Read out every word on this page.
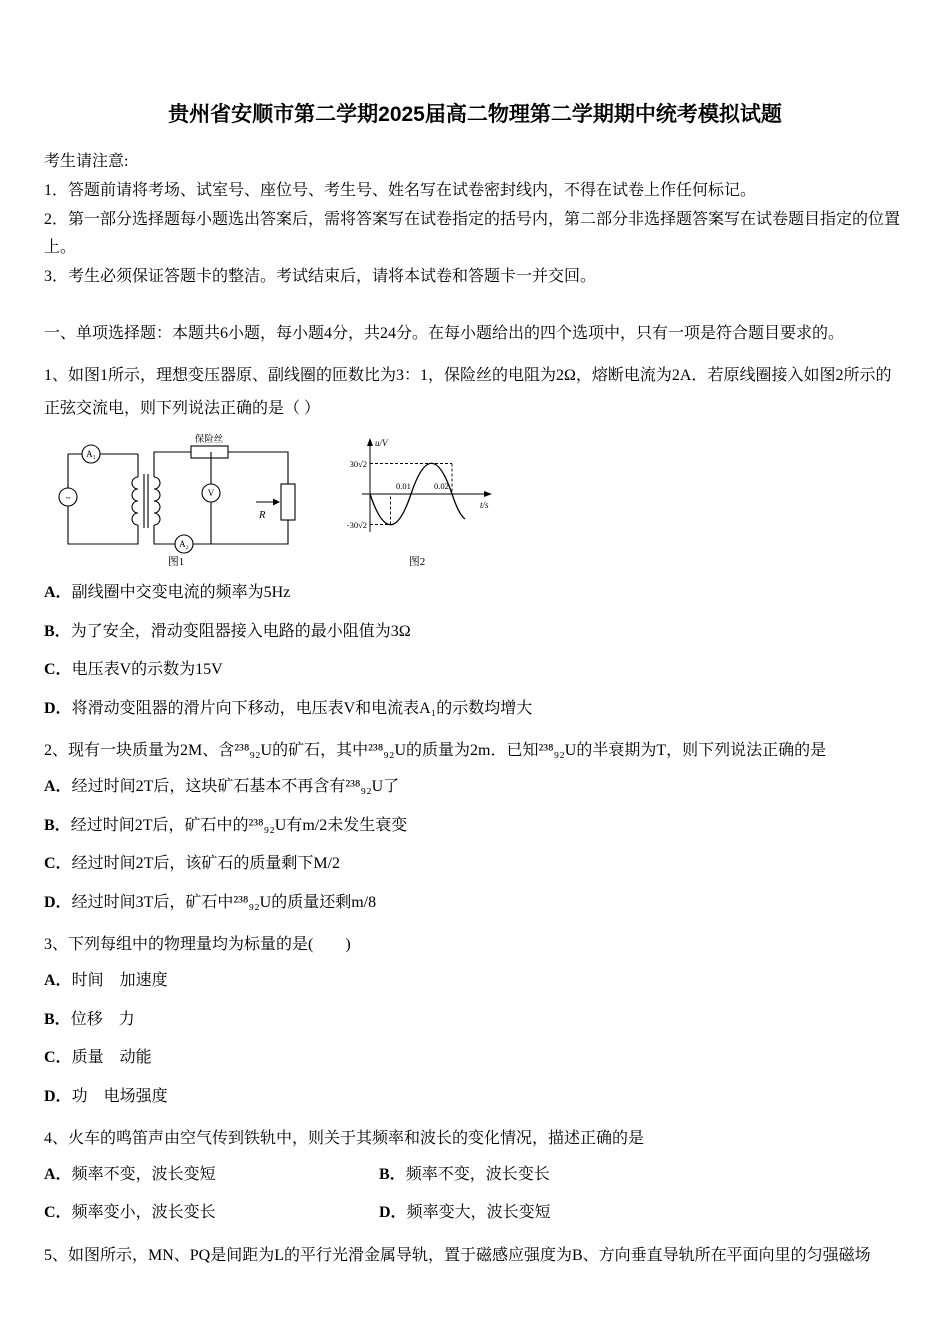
贵州省安顺市第二学期2025届高二物理第二学期期中统考模拟试题

考生请注意:

1．答题前请将考场、试室号、座位号、考生号、姓名写在试卷密封线内，不得在试卷上作任何标记。

2．第一部分选择题每小题选出答案后，需将答案写在试卷指定的括号内，第二部分非选择题答案写在试卷题目指定的位置上。

3．考生必须保证答题卡的整洁。考试结束后，请将本试卷和答题卡一并交回。

一、单项选择题：本题共6小题，每小题4分，共24分。在每小题给出的四个选项中，只有一项是符合题目要求的。

1、如图1所示，理想变压器原、副线圈的匝数比为3：1，保险丝的电阻为2Ω，熔断电流为2A．若原线圈接入如图2所示的正弦交流电，则下列说法正确的是（ ）

保险丝
A₁
~	V
A₂
R
图1
u/V
t/s
30√2
-30√2
0.01	0.02
图2
A．副线圈中交变电流的频率为5Hz
B．为了安全，滑动变阻器接入电路的最小阻值为3Ω
C．电压表V的示数为15V
D．将滑动变阻器的滑片向下移动，电压表V和电流表A₁的示数均增大

2、现有一块质量为2M、含²³⁸₉₂U的矿石，其中²³⁸₉₂U的质量为2m．已知²³⁸₉₂U的半衰期为T，则下列说法正确的是

A．经过时间2T后，这块矿石基本不再含有²³⁸₉₂U了
B．经过时间2T后，矿石中的²³⁸₉₂U有m/2未发生衰变
C．经过时间2T后，该矿石的质量剩下M/2
D．经过时间3T后，矿石中²³⁸₉₂U的质量还剩m/8

3、下列每组中的物理量均为标量的是(　　)

A．时间　加速度
B．位移　力
C．质量　动能
D．功　电场强度

4、火车的鸣笛声由空气传到铁轨中，则关于其频率和波长的变化情况，描述正确的是

A．频率不变，波长变短	B．频率不变，波长变长
C．频率变小，波长变长	D．频率变大，波长变短

5、如图所示，MN、PQ是间距为L的平行光滑金属导轨，置于磁感应强度为B、方向垂直导轨所在平面向里的匀强磁场
